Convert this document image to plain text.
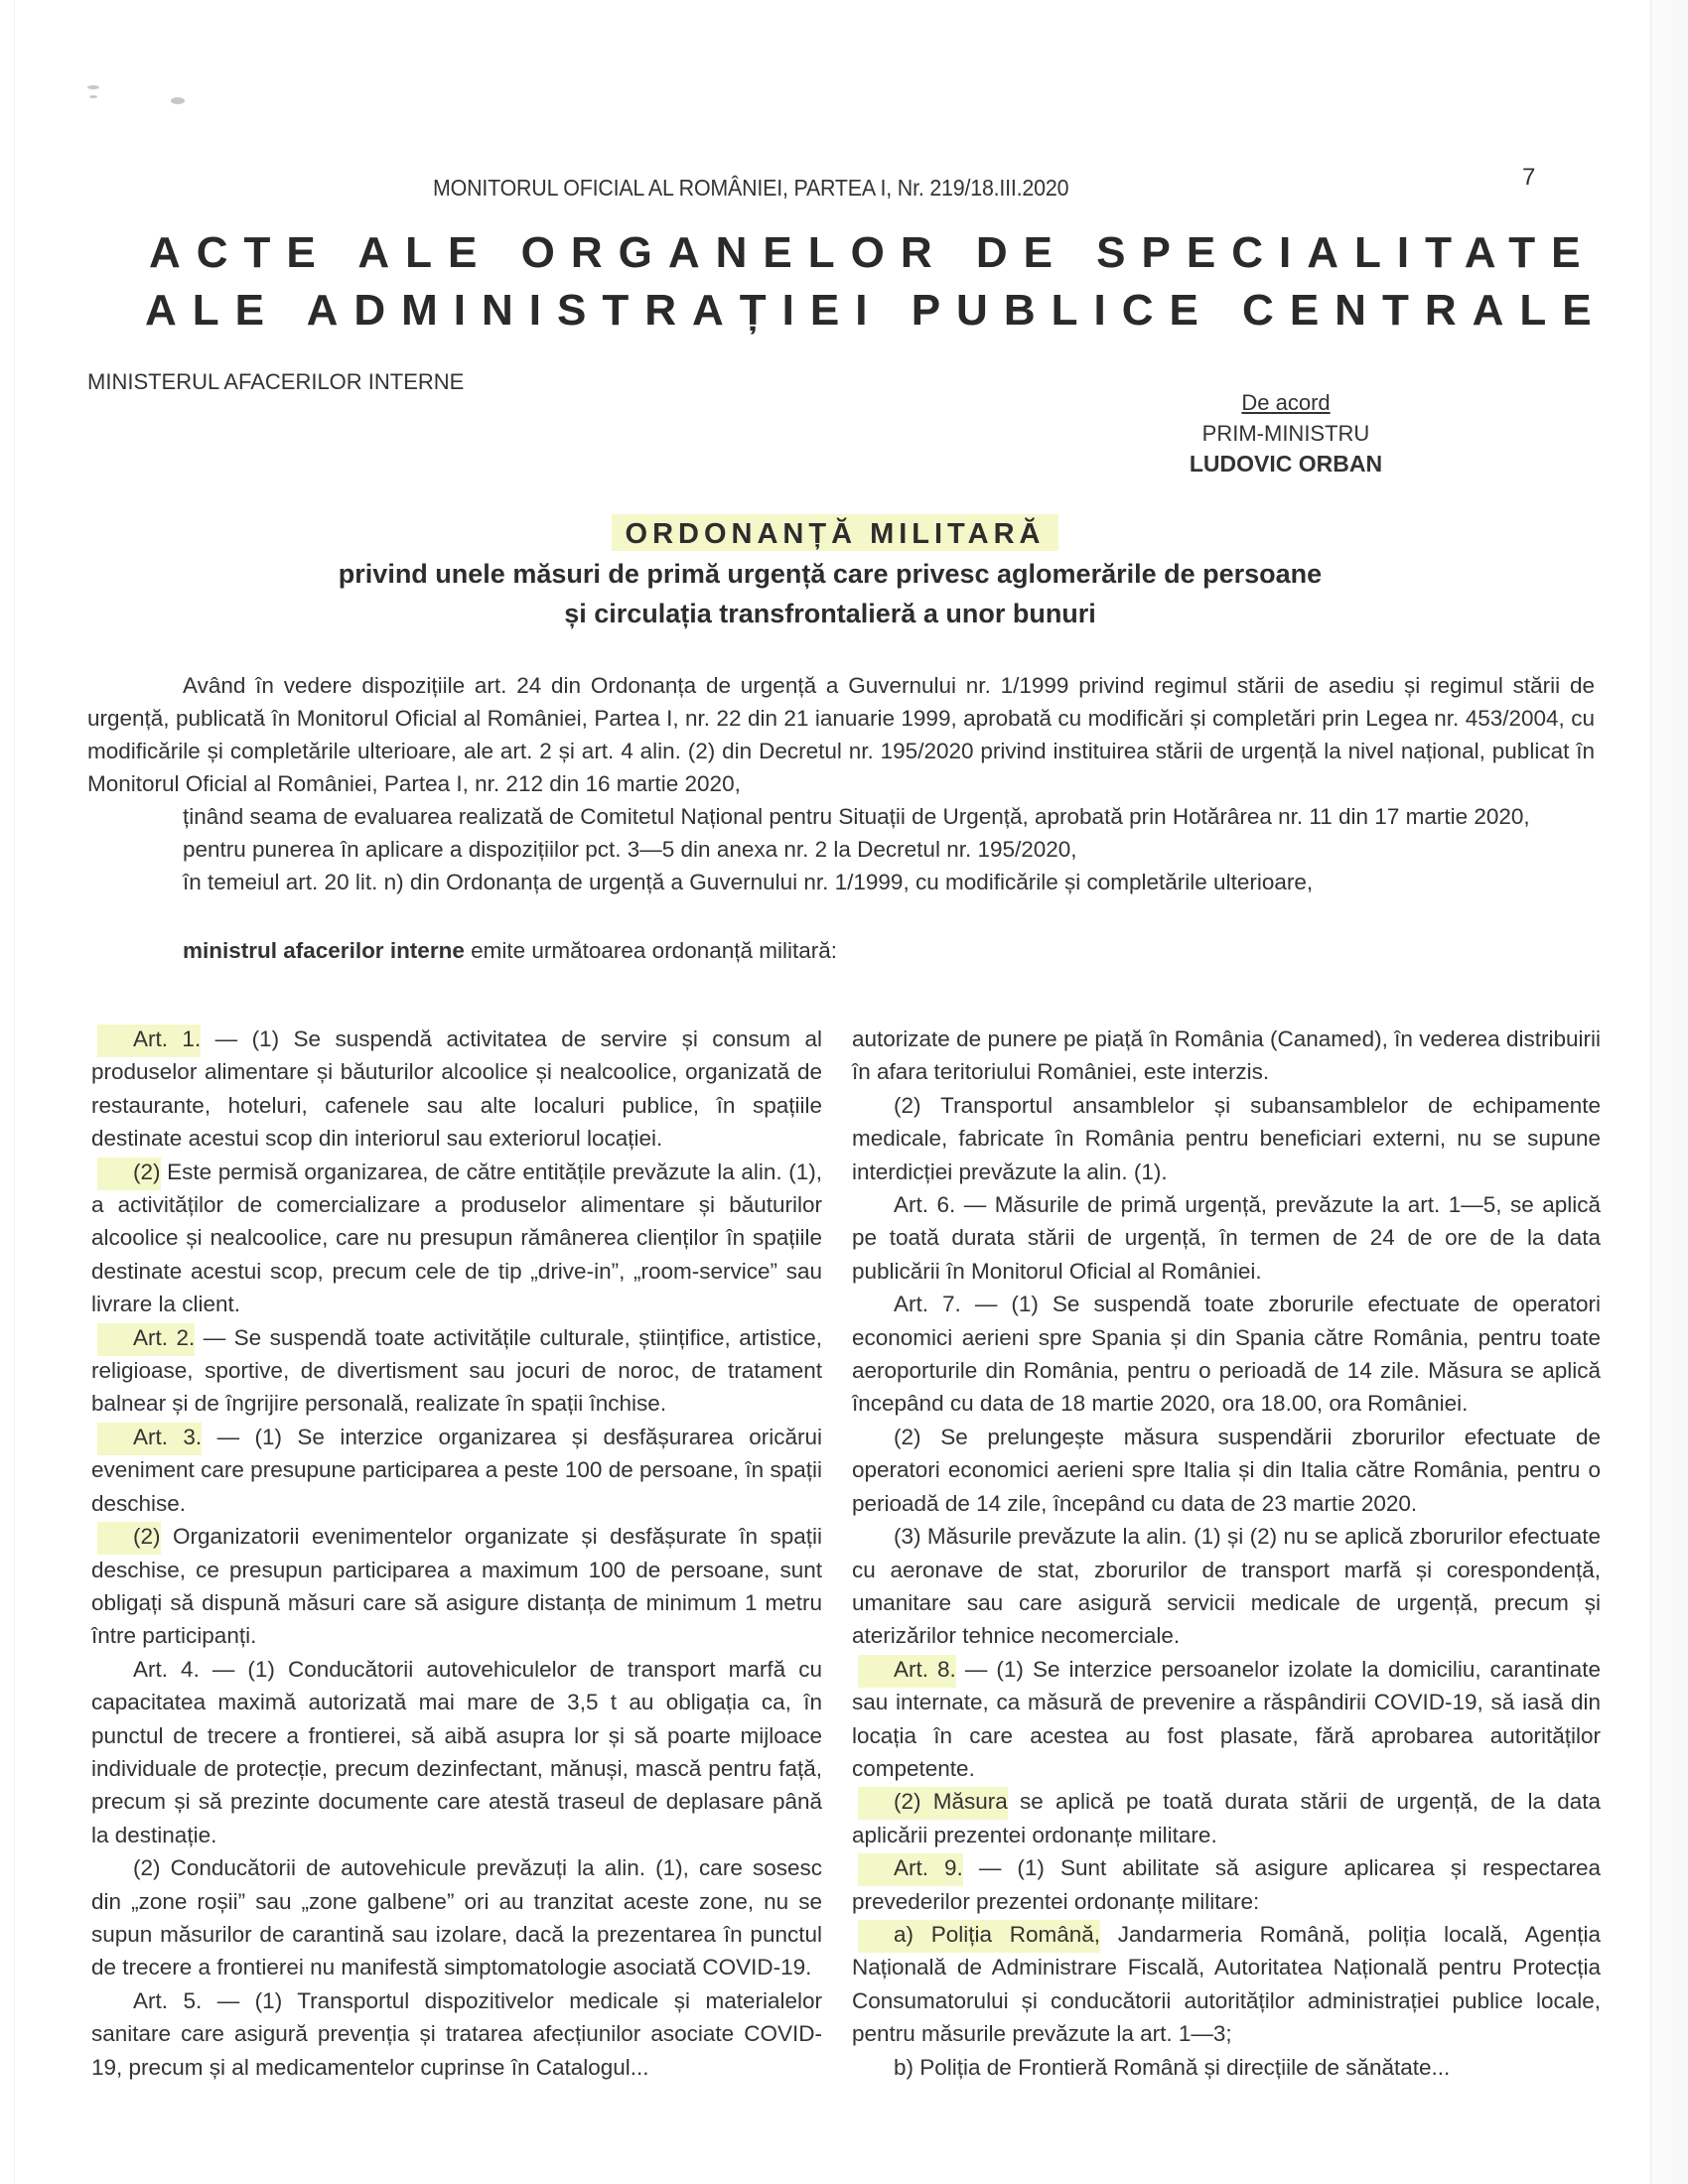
MONITORUL OFICIAL AL ROMÂNIEI, PARTEA I, Nr. 219/18.III.2020	7
ACTE ALE ORGANELOR DE SPECIALITATE
ALE ADMINISTRAȚIEI PUBLICE CENTRALE
MINISTERUL AFACERILOR INTERNE
De acord
PRIM-MINISTRU
LUDOVIC ORBAN
ORDONANȚĂ MILITARĂ
privind unele măsuri de primă urgență care privesc aglomerările de persoane
și circulația transfrontalieră a unor bunuri

Având în vedere dispozițiile art. 24 din Ordonanța de urgență a Guvernului nr. 1/1999 privind regimul stării de asediu și regimul stării de urgență, publicată în Monitorul Oficial al României, Partea I, nr. 22 din 21 ianuarie 1999, aprobată cu modificări și completări prin Legea nr. 453/2004, cu modificările și completările ulterioare, ale art. 2 și art. 4 alin. (2) din Decretul nr. 195/2020 privind instituirea stării de urgență la nivel național, publicat în Monitorul Oficial al României, Partea I, nr. 212 din 16 martie 2020,

ținând seama de evaluarea realizată de Comitetul Național pentru Situații de Urgență, aprobată prin Hotărârea nr. 11 din 17 martie 2020,

pentru punerea în aplicare a dispozițiilor pct. 3—5 din anexa nr. 2 la Decretul nr. 195/2020,

în temeiul art. 20 lit. n) din Ordonanța de urgență a Guvernului nr. 1/1999, cu modificările și completările ulterioare,

ministrul afacerilor interne emite următoarea ordonanță militară:

Art. 1. — (1) Se suspendă activitatea de servire și consum al produselor alimentare și băuturilor alcoolice și nealcoolice, organizată de restaurante, hoteluri, cafenele sau alte localuri publice, în spațiile destinate acestui scop din interiorul sau exteriorul locației.

(2) Este permisă organizarea, de către entitățile prevăzute la alin. (1), a activităților de comercializare a produselor alimentare și băuturilor alcoolice și nealcoolice, care nu presupun rămânerea clienților în spațiile destinate acestui scop, precum cele de tip „drive-in”, „room-service” sau livrare la client.

Art. 2. — Se suspendă toate activitățile culturale, științifice, artistice, religioase, sportive, de divertisment sau jocuri de noroc, de tratament balnear și de îngrijire personală, realizate în spații închise.

Art. 3. — (1) Se interzice organizarea și desfășurarea oricărui eveniment care presupune participarea a peste 100 de persoane, în spații deschise.

(2) Organizatorii evenimentelor organizate și desfășurate în spații deschise, ce presupun participarea a maximum 100 de persoane, sunt obligați să dispună măsuri care să asigure distanța de minimum 1 metru între participanți.

Art. 4. — (1) Conducătorii autovehiculelor de transport marfă cu capacitatea maximă autorizată mai mare de 3,5 t au obligația ca, în punctul de trecere a frontierei, să aibă asupra lor și să poarte mijloace individuale de protecție, precum dezinfectant, mănuși, mască pentru față, precum și să prezinte documente care atestă traseul de deplasare până la destinație.

(2) Conducătorii de autovehicule prevăzuți la alin. (1), care sosesc din „zone roșii” sau „zone galbene” ori au tranzitat aceste zone, nu se supun măsurilor de carantină sau izolare, dacă la prezentarea în punctul de trecere a frontierei nu manifestă simptomatologie asociată COVID-19.

Art. 5. — (1) Transportul dispozitivelor medicale și materialelor sanitare care asigură prevenția și tratarea afecțiunilor asociate COVID-19, precum și al medicamentelor cuprinse în Catalogul...

autorizate de punere pe piață în România (Canamed), în vederea distribuirii în afara teritoriului României, este interzis.

(2) Transportul ansamblelor și subansamblelor de echipamente medicale, fabricate în România pentru beneficiari externi, nu se supune interdicției prevăzute la alin. (1).

Art. 6. — Măsurile de primă urgență, prevăzute la art. 1—5, se aplică pe toată durata stării de urgență, în termen de 24 de ore de la data publicării în Monitorul Oficial al României.

Art. 7. — (1) Se suspendă toate zborurile efectuate de operatori economici aerieni spre Spania și din Spania către România, pentru toate aeroporturile din România, pentru o perioadă de 14 zile. Măsura se aplică începând cu data de 18 martie 2020, ora 18.00, ora României.

(2) Se prelungește măsura suspendării zborurilor efectuate de operatori economici aerieni spre Italia și din Italia către România, pentru o perioadă de 14 zile, începând cu data de 23 martie 2020.

(3) Măsurile prevăzute la alin. (1) și (2) nu se aplică zborurilor efectuate cu aeronave de stat, zborurilor de transport marfă și corespondență, umanitare sau care asigură servicii medicale de urgență, precum și aterizărilor tehnice necomerciale.

Art. 8. — (1) Se interzice persoanelor izolate la domiciliu, carantinate sau internate, ca măsură de prevenire a răspândirii COVID-19, să iasă din locația în care acestea au fost plasate, fără aprobarea autorităților competente.

(2) Măsura se aplică pe toată durata stării de urgență, de la data aplicării prezentei ordonanțe militare.

Art. 9. — (1) Sunt abilitate să asigure aplicarea și respectarea prevederilor prezentei ordonanțe militare:

a) Poliția Română, Jandarmeria Română, poliția locală, Agenția Națională de Administrare Fiscală, Autoritatea Națională pentru Protecția Consumatorului și conducătorii autorităților administrației publice locale, pentru măsurile prevăzute la art. 1—3;

b) Poliția de Frontieră Română și direcțiile de sănătate...
